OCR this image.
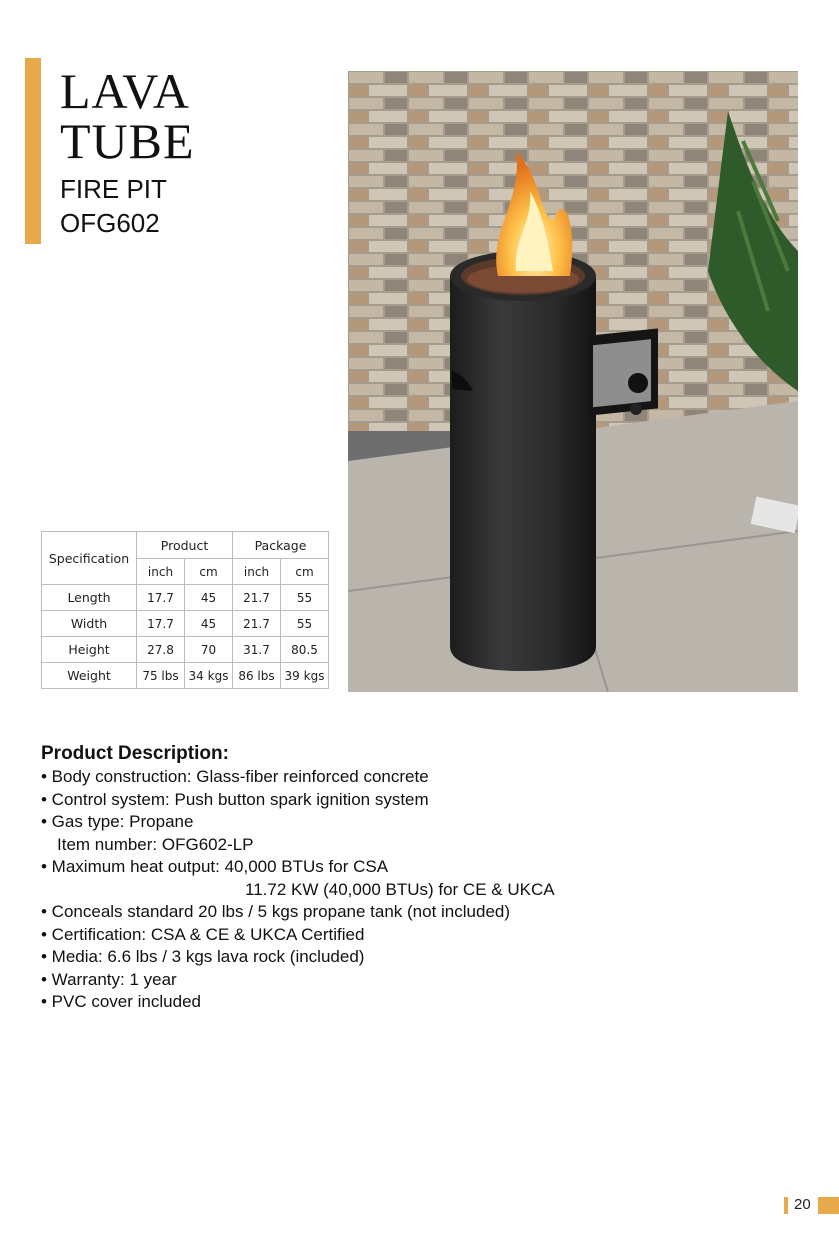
LAVA
TUBE
FIRE PIT
OFG602
Specification	Product		Package	
	inch	cm	inch	cm
Length	17.7	45	21.7	55
Width	17.7	45	21.7	55
Height	27.8	70	31.7	80.5
Weight	75 lbs	34 kgs	86 lbs	39 kgs
Product Description:
• Body construction: Glass-fiber reinforced concrete
• Control system: Push button spark ignition system
• Gas type: Propane
Item number: OFG602-LP
• Maximum heat output: 40,000 BTUs for CSA
11.72 KW (40,000 BTUs) for CE & UKCA
• Conceals standard 20 lbs / 5 kgs propane tank (not included)
• Certification: CSA & CE & UKCA Certified
• Media: 6.6 lbs / 3 kgs lava rock (included)
• Warranty: 1 year
• PVC cover included
20
